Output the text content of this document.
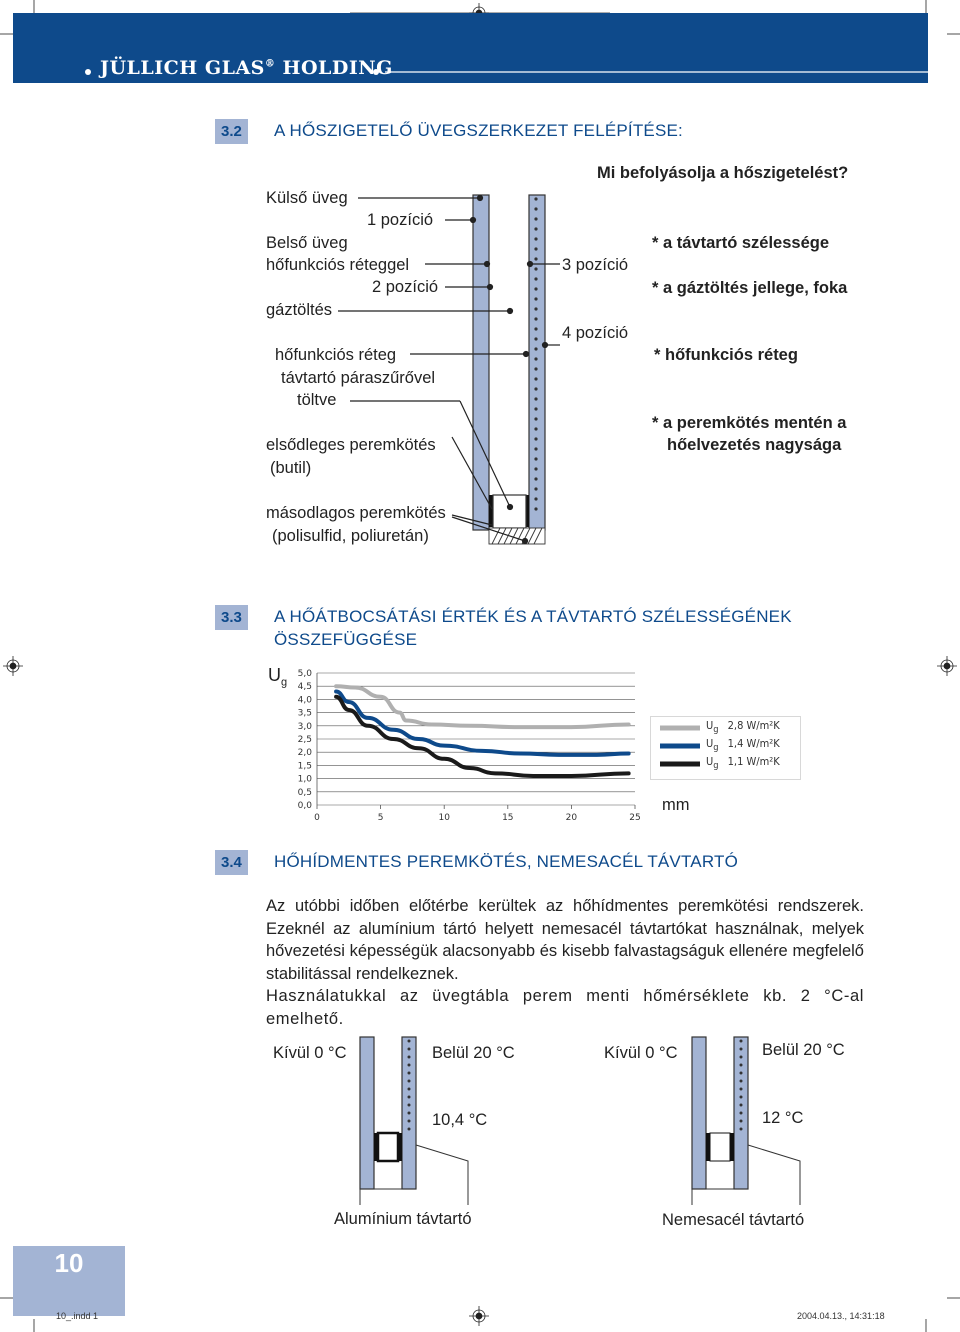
JÜLLICH GLAS® HOLDING
3.2	A HŐSZIGETELŐ ÜVEGSZERKEZET FELÉPÍTÉSE:
Külső üveg
1 pozíció
Belső üveg
hőfunkciós réteggel
2 pozíció
gáztöltés
hőfunkciós réteg
távtartó páraszűrővel
töltve
elsődleges peremkötés
(butil)
másodlagos peremkötés
(polisulfid, poliuretán)
3 pozíció
4 pozíció
Mi befolyásolja a hőszigetelést?
* a távtartó szélessége
* a gáztöltés jellege, foka
* hőfunkciós réteg
* a peremkötés mentén a
hőelvezetés nagysága
3.3	A HŐÁTBOCSÁTÁSI ÉRTÉK ÉS A TÁVTARTÓ SZÉLESSÉGÉNEK
ÖSSZEFÜGGÉSE
$U_g$
0,0
0,5
1,0
1,5
2,0
2,5
3,0
3,5
4,0
4,5
5,0
0	5	10	15	20	25
mm
$U_g$ 2,8 W/m²K
$U_g$ 1,4 W/m²K
$U_g$ 1,1 W/m²K
3.4	HŐHÍDMENTES PEREMKÖTÉS, NEMESACÉL TÁVTARTÓ

Az utóbbi időben előtérbe kerültek az hőhídmentes peremkötési rendszerek. Ezeknél az alumínium tártó helyett nemesacél távtartókat használnak, melyek hővezetési képességük alacsonyabb és kisebb falvastagságuk ellenére megfelelő stabilitással rendelkeznek.

Használatukkal az üvegtábla perem menti hőmérséklete kb. 2 °C-al emelhető.

Kívül 0 °C	Belül 20 °C
10,4 °C
Alumínium távtartó
Kívül 0 °C	Belül 20 °C
12 °C
Nemesacél távtartó
10
10_.indd 1	2004.04.13., 14:31:18
